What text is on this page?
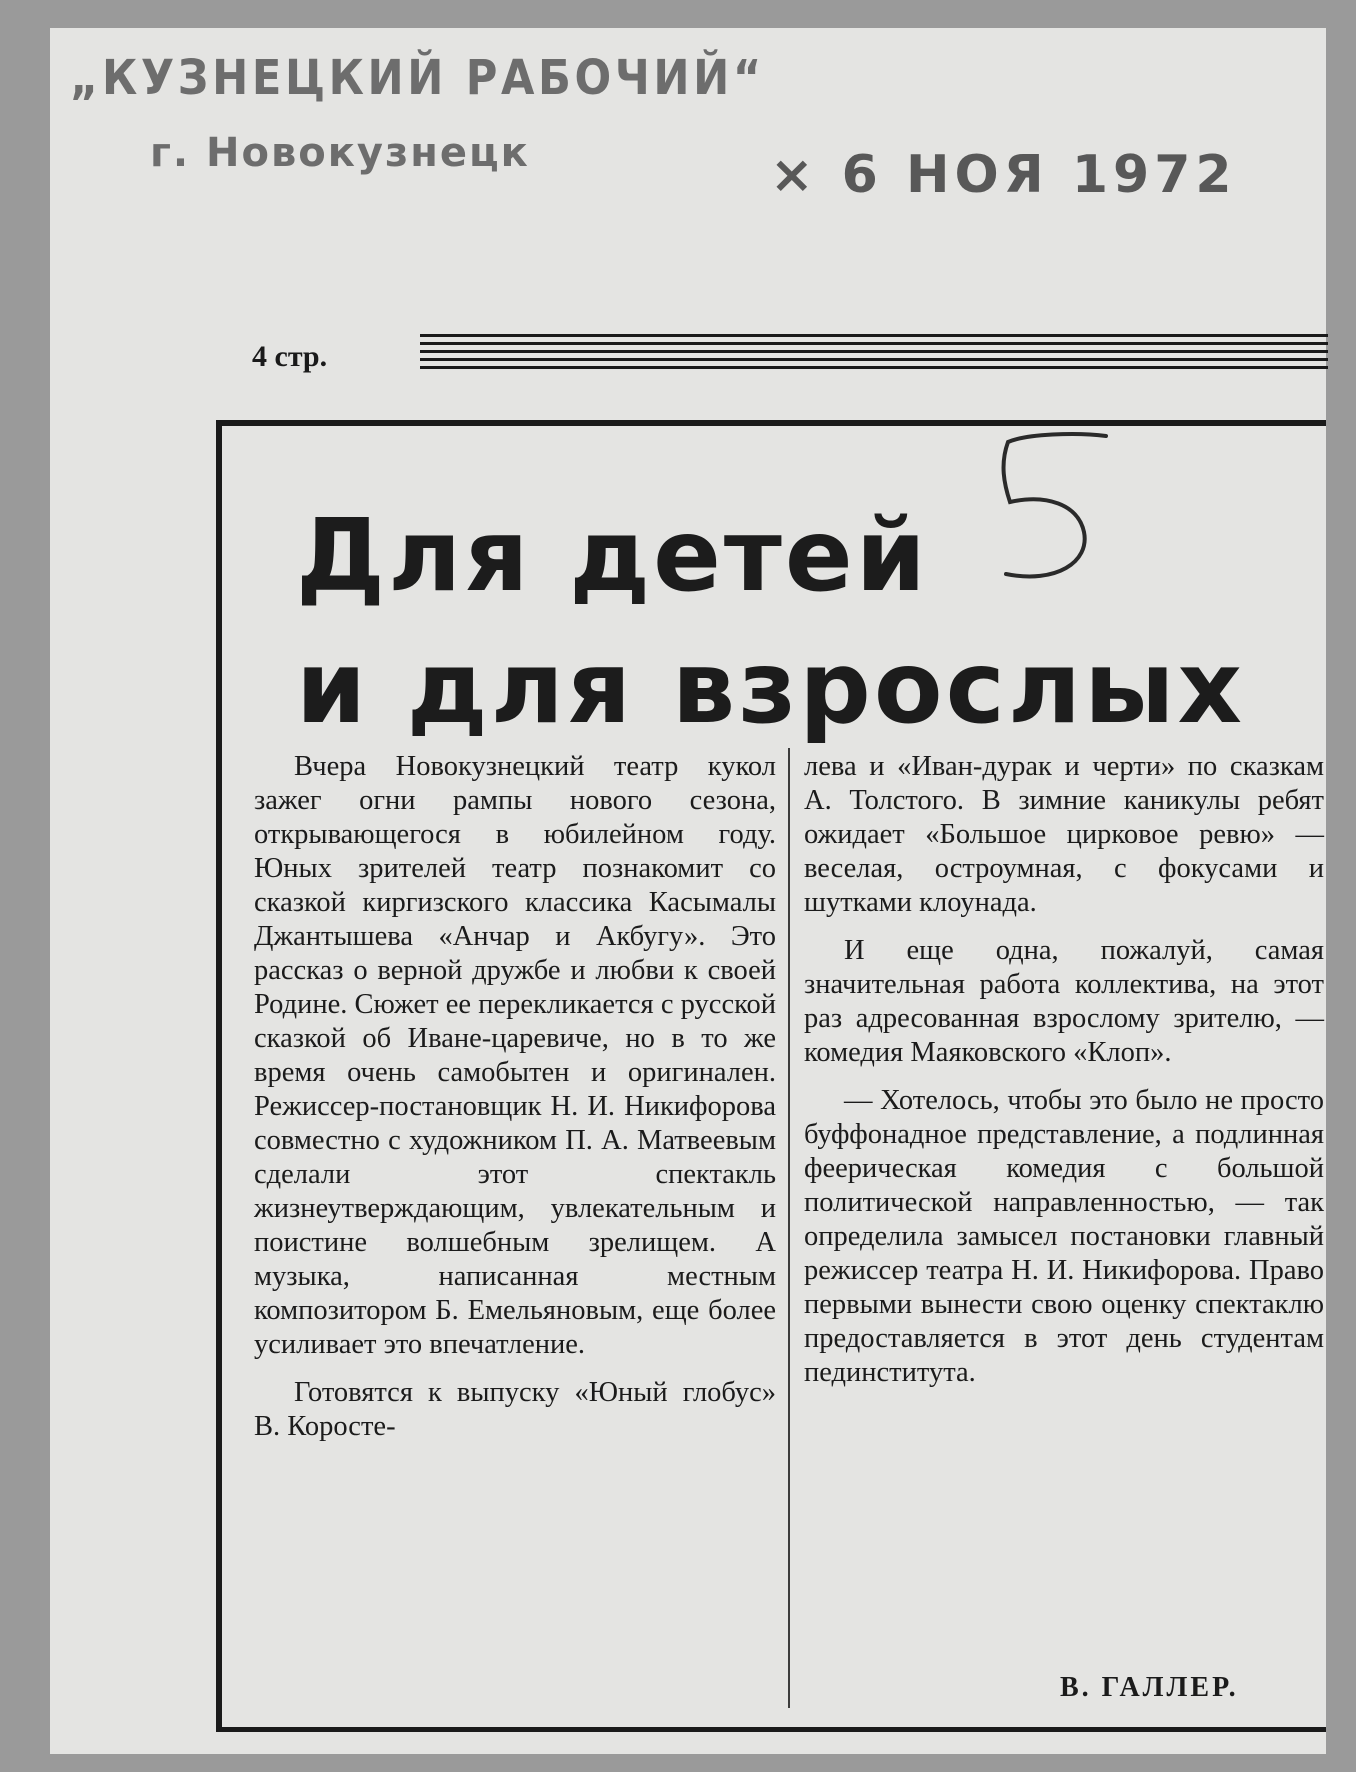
„КУЗНЕЦКИЙ РАБОЧИЙ“
г. Новокузнецк	× 6 НОЯ 1972
4 стр.
Для детей
и для взрослых

Вчера Новокузнецкий театр кукол зажег огни рампы нового сезона, открывающегося в юбилейном году. Юных зрителей театр познакомит со сказкой киргизского классика Касымалы Джантышева «Анчар и Акбугу». Это рассказ о верной дружбе и любви к своей Родине. Сюжет ее перекликается с русской сказкой об Иване-царевиче, но в то же время очень самобытен и оригинален. Режиссер-постановщик Н. И. Никифорова совместно с художником П. А. Матвеевым сделали этот спектакль жизнеутверждающим, увлекательным и поистине волшебным зрелищем. А музыка, написанная местным композитором Б. Емельяновым, еще более усиливает это впечатление.

Готовятся к выпуску «Юный глобус» В. Коросте-

лева и «Иван-дурак и черти» по сказкам А. Толстого. В зимние каникулы ребят ожидает «Большое цирковое ревю» — веселая, остроумная, с фокусами и шутками клоунада.

И еще одна, пожалуй, самая значительная работа коллектива, на этот раз адресованная взрослому зрителю, — комедия Маяковского «Клоп».

— Хотелось, чтобы это было не просто буффонадное представление, а подлинная феерическая комедия с большой политической направленностью, — так определила замысел постановки главный режиссер театра Н. И. Никифорова. Право первыми вынести свою оценку спектаклю предоставляется в этот день студентам пединститута.

В. ГАЛЛЕР.
